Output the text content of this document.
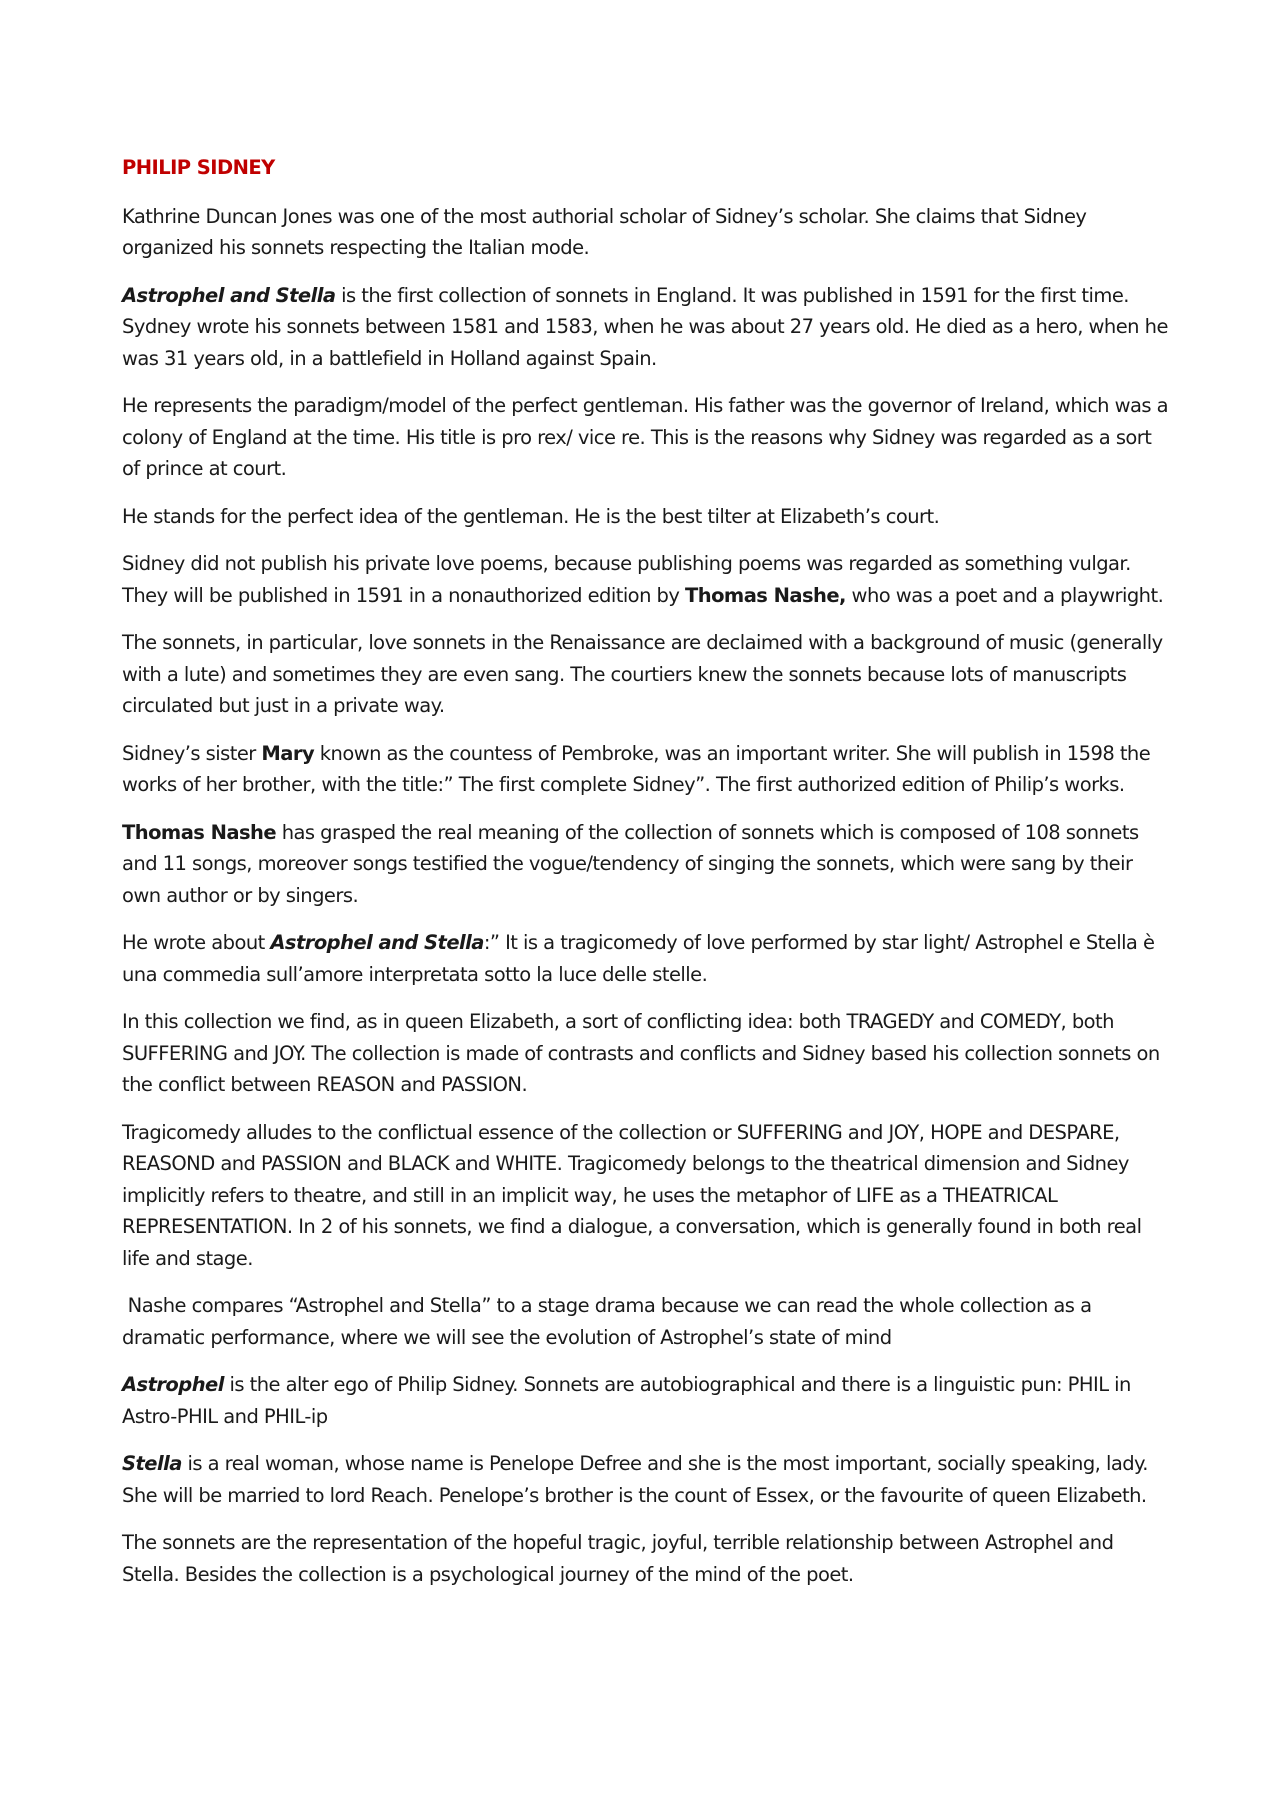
PHILIP SIDNEY

Kathrine Duncan Jones was one of the most authorial scholar of Sidney’s scholar. She claims that Sidney organized his sonnets respecting the Italian mode.

Astrophel and Stella is the first collection of sonnets in England. It was published in 1591 for the first time. Sydney wrote his sonnets between 1581 and 1583, when he was about 27 years old. He died as a hero, when he was 31 years old, in a battlefield in Holland against Spain.

He represents the paradigm/model of the perfect gentleman. His father was the governor of Ireland, which was a colony of England at the time. His title is pro rex/ vice re. This is the reasons why Sidney was regarded as a sort of prince at court.

He stands for the perfect idea of the gentleman. He is the best tilter at Elizabeth’s court.

Sidney did not publish his private love poems, because publishing poems was regarded as something vulgar. They will be published in 1591 in a nonauthorized edition by Thomas Nashe, who was a poet and a playwright.

The sonnets, in particular, love sonnets in the Renaissance are declaimed with a background of music (generally with a lute) and sometimes they are even sang. The courtiers knew the sonnets because lots of manuscripts circulated but just in a private way.

Sidney’s sister Mary known as the countess of Pembroke, was an important writer. She will publish in 1598 the works of her brother, with the title:” The first complete Sidney”. The first authorized edition of Philip’s works.

Thomas Nashe has grasped the real meaning of the collection of sonnets which is composed of 108 sonnets and 11 songs, moreover songs testified the vogue/tendency of singing the sonnets, which were sang by their own author or by singers.

He wrote about Astrophel and Stella:” It is a tragicomedy of love performed by star light/ Astrophel e Stella è una commedia sull’amore interpretata sotto la luce delle stelle.

In this collection we find, as in queen Elizabeth, a sort of conflicting idea: both TRAGEDY and COMEDY, both SUFFERING and JOY. The collection is made of contrasts and conflicts and Sidney based his collection sonnets on the conflict between REASON and PASSION.

Tragicomedy alludes to the conflictual essence of the collection or SUFFERING and JOY, HOPE and DESPARE, REASOND and PASSION and BLACK and WHITE. Tragicomedy belongs to the theatrical dimension and Sidney implicitly refers to theatre, and still in an implicit way, he uses the metaphor of LIFE as a THEATRICAL REPRESENTATION. In 2 of his sonnets, we find a dialogue, a conversation, which is generally found in both real life and stage.

Nashe compares “Astrophel and Stella” to a stage drama because we can read the whole collection as a dramatic performance, where we will see the evolution of Astrophel’s state of mind

Astrophel is the alter ego of Philip Sidney. Sonnets are autobiographical and there is a linguistic pun: PHIL in Astro-PHIL and PHIL-ip

Stella is a real woman, whose name is Penelope Defree and she is the most important, socially speaking, lady. She will be married to lord Reach. Penelope’s brother is the count of Essex, or the favourite of queen Elizabeth.

The sonnets are the representation of the hopeful tragic, joyful, terrible relationship between Astrophel and Stella. Besides the collection is a psychological journey of the mind of the poet.
